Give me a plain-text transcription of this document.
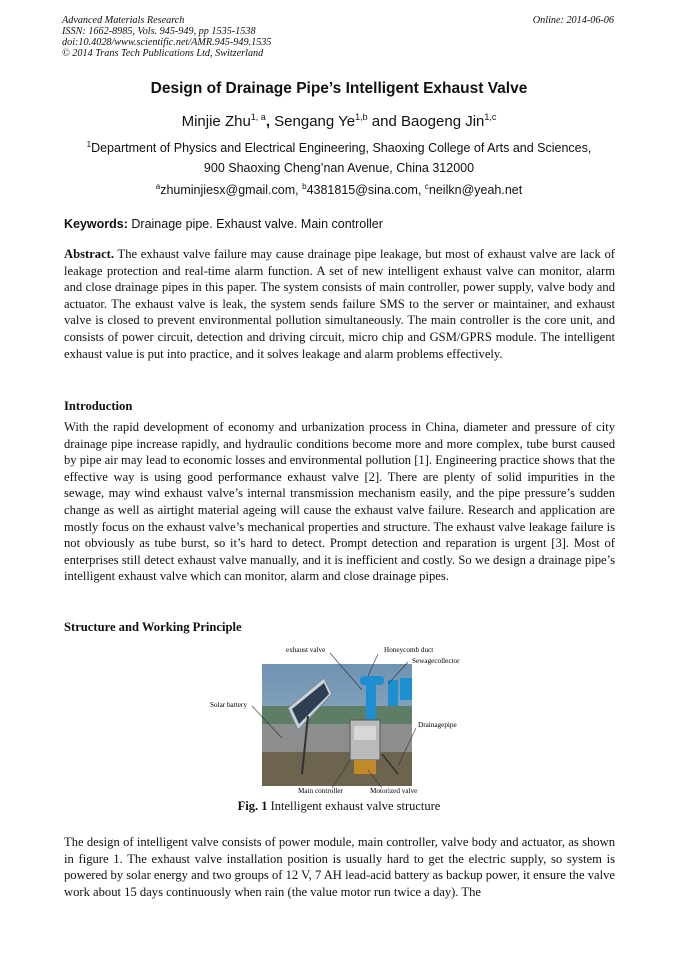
Advanced Materials Research
ISSN: 1662-8985, Vols. 945-949, pp 1535-1538
doi:10.4028/www.scientific.net/AMR.945-949.1535
© 2014 Trans Tech Publications Ltd, Switzerland
Online: 2014-06-06
Design of Drainage Pipe’s Intelligent Exhaust Valve
Minjie Zhu$^{1, a}$, Sengang Ye$^{1,b}$ and Baogeng Jin$^{1,c}$
$^1$Department of Physics and Electrical Engineering, Shaoxing College of Arts and Sciences,
900 Shaoxing Cheng’nan Avenue, China 312000
$^a$zhuminjiesx@gmail.com, $^b$4381815@sina.com, $^c$neilkn@yeah.net
Keywords: Drainage pipe. Exhaust valve. Main controller
Abstract. The exhaust valve failure may cause drainage pipe leakage, but most of exhaust valve are lack of leakage protection and real-time alarm function. A set of new intelligent exhaust valve can monitor, alarm and close drainage pipes in this paper. The system consists of main controller, power supply, valve body and actuator. The exhaust valve is leak, the system sends failure SMS to the server or maintainer, and exhaust valve is closed to prevent environmental pollution simultaneously. The main controller is the core unit, and consists of power circuit, detection and driving circuit, micro chip and GSM/GPRS module. The intelligent exhaust value is put into practice, and it solves leakage and alarm problems effectively.
Introduction
With the rapid development of economy and urbanization process in China, diameter and pressure of city drainage pipe increase rapidly, and hydraulic conditions become more and more complex, tube burst caused by pipe air may lead to economic losses and environmental pollution [1]. Engineering practice shows that the effective way is using good performance exhaust valve [2]. There are plenty of solid impurities in the sewage, may wind exhaust valve’s internal transmission mechanism easily, and the pipe pressure’s sudden change as well as airtight material ageing will cause the exhaust valve failure. Research and application are mostly focus on the exhaust valve’s mechanical properties and structure. The exhaust valve leakage failure is not obviously as tube burst, so it’s hard to detect. Prompt detection and reparation is urgent [3]. Most of enterprises still detect exhaust valve manually, and it is inefficient and costly. So we design a drainage pipe’s intelligent exhaust valve which can monitor, alarm and close drainage pipes.
Structure and Working Principle
exhaust valve	Honeycomb duct
Sewagecollector
Solar battery
Drainagepipe
Main controller	Motorized valve
Fig. 1 Intelligent exhaust valve structure
The design of intelligent valve consists of power module, main controller, valve body and actuator, as shown in figure 1. The exhaust valve installation position is usually hard to get the electric supply, so system is powered by solar energy and two groups of 12 V, 7 AH lead-acid battery as backup power, it ensure the valve work about 15 days continuously when rain (the value motor run twice a day). The
